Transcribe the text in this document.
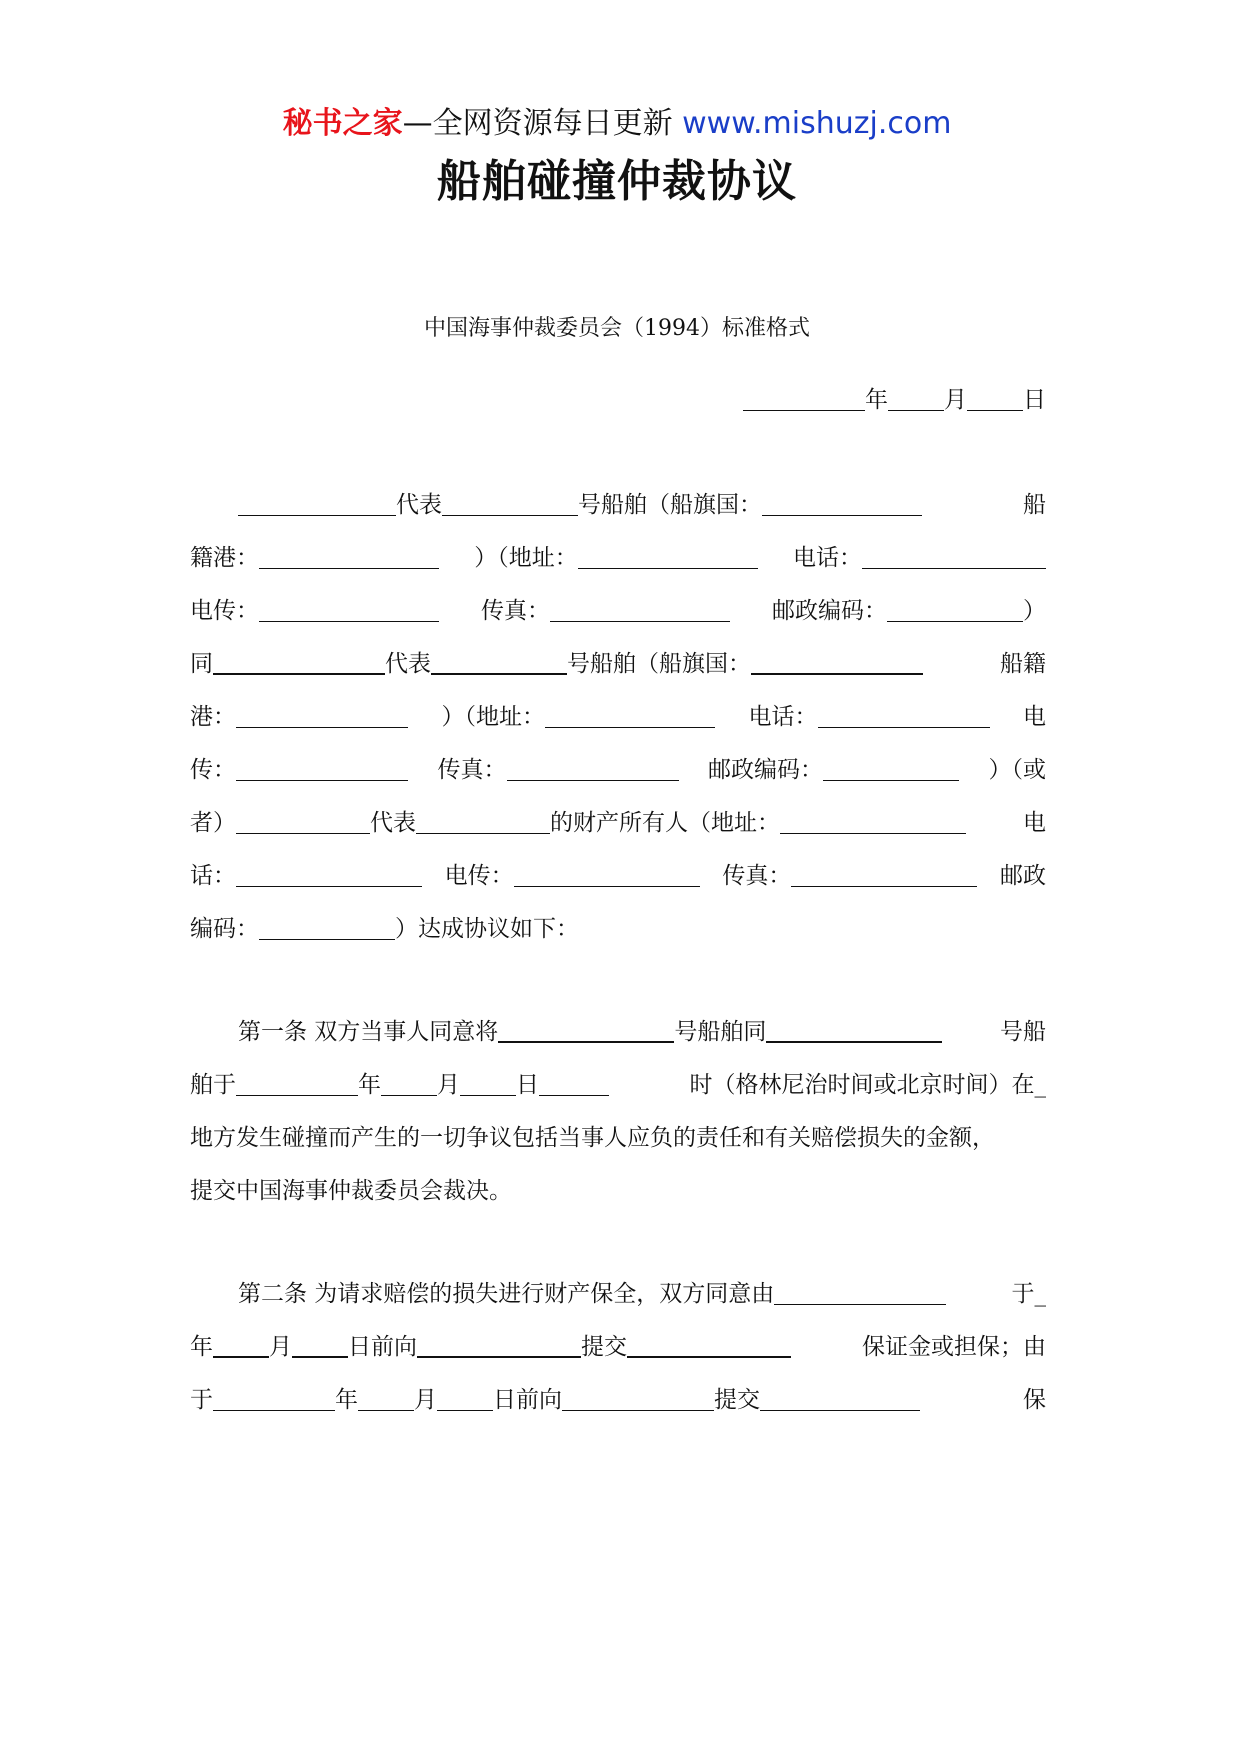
秘书之家—全网资源每日更新 www.mishuzj.com
船舶碰撞仲裁协议
中国海事仲裁委员会（1994）标准格式
年 月 日
代表	号船舶（船旗国：	船
籍港：	）（地址：	电话：
电传：	传真：	邮政编码：	）
同	代表	号船舶（船旗国：	船籍
港：	）（地址：	电话：	电
传：	传真：	邮政编码：	）（或
者）	代表	的财产所有人（地址：	电
话：	电传：	传真：	邮政
编码：	）达成协议如下：
第一条 双方当事人同意将	号船舶同	号船
舶于	年 月 日	时（格林尼治时间或北京时间）在_
地方发生碰撞而产生的一切争议包括当事人应负的责任和有关赔偿损失的金额，
提交中国海事仲裁委员会裁决。
第二条 为请求赔偿的损失进行财产保全，双方同意由	于_
年 月 日前向	提交	保证金或担保；由
于	年 月 日前向	提交	保
